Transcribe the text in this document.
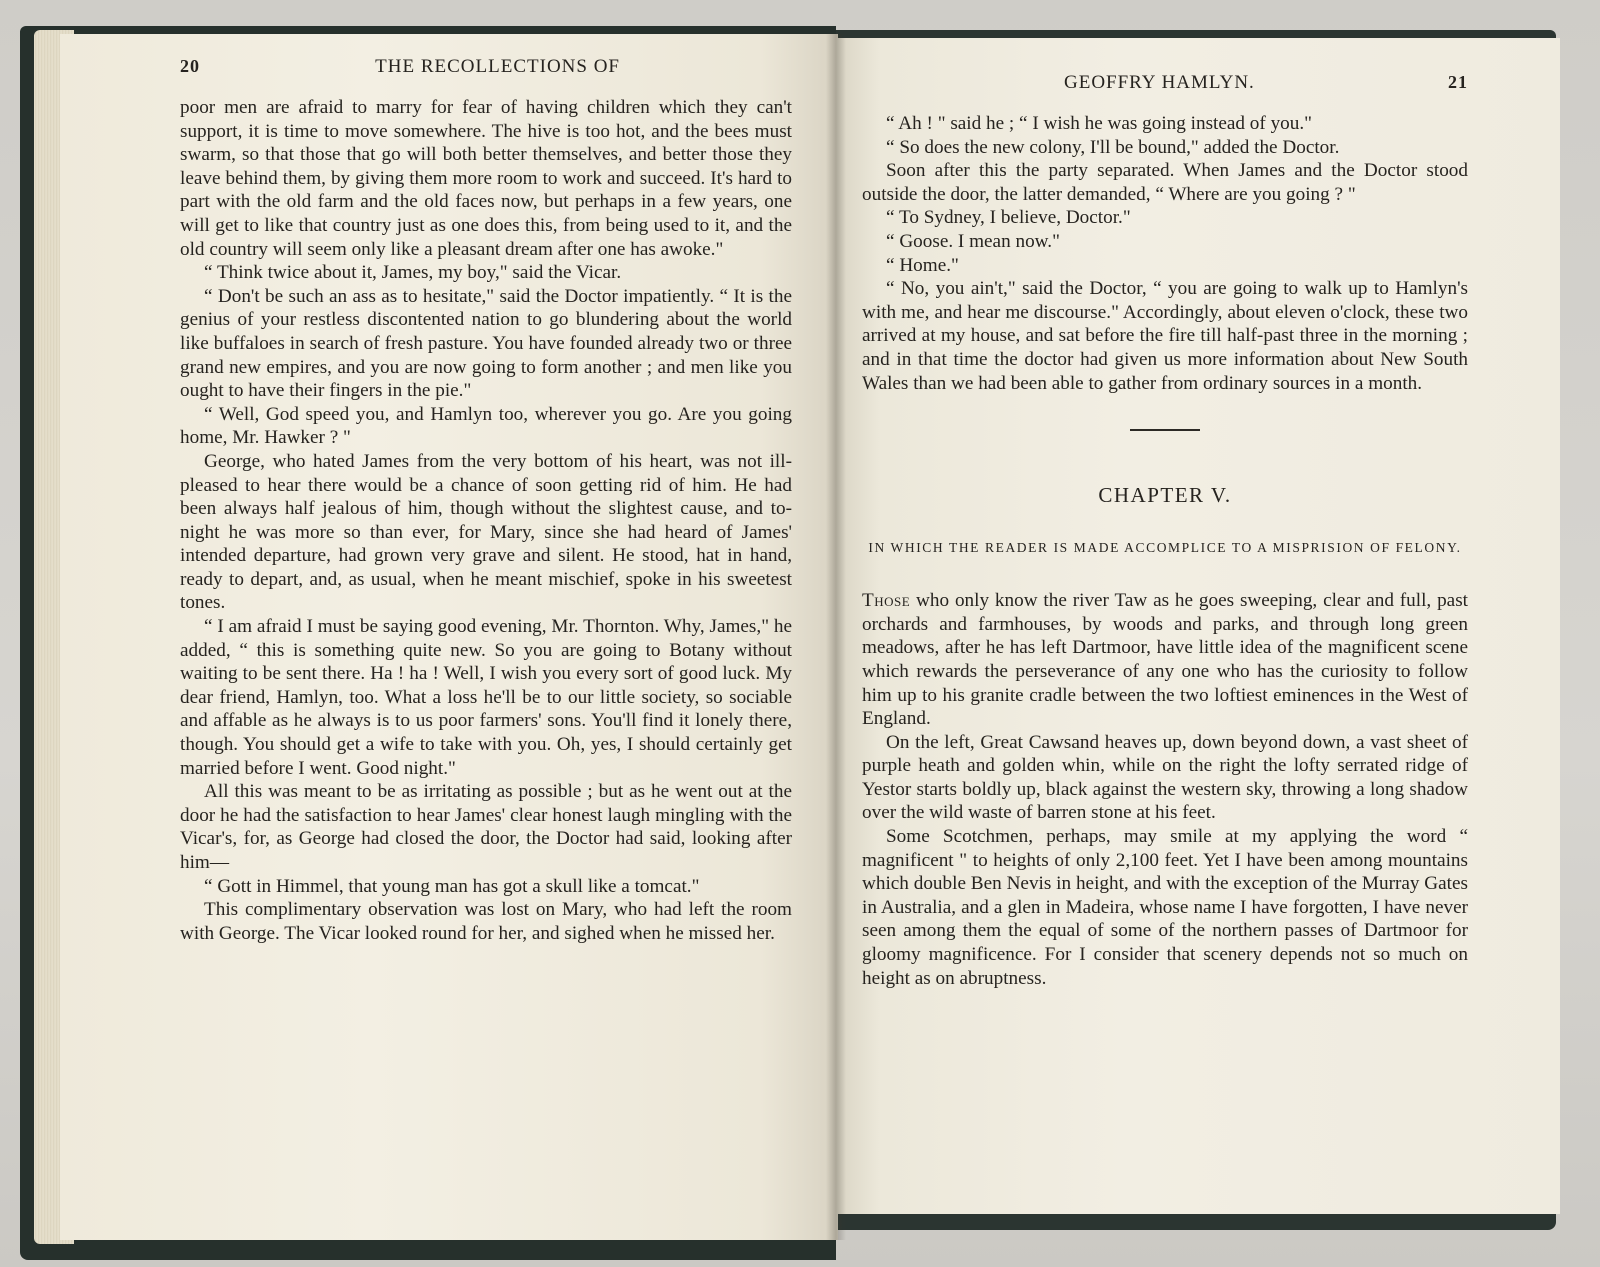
20	THE RECOLLECTIONS OF

poor men are afraid to marry for fear of having children which they can't support, it is time to move somewhere. The hive is too hot, and the bees must swarm, so that those that go will both better themselves, and better those they leave behind them, by giving them more room to work and succeed. It's hard to part with the old farm and the old faces now, but perhaps in a few years, one will get to like that country just as one does this, from being used to it, and the old country will seem only like a pleasant dream after one has awoke."

“ Think twice about it, James, my boy," said the Vicar.

“ Don't be such an ass as to hesitate," said the Doctor impatiently. “ It is the genius of your restless discontented nation to go blundering about the world like buffaloes in search of fresh pasture. You have founded already two or three grand new empires, and you are now going to form another ; and men like you ought to have their fingers in the pie."

“ Well, God speed you, and Hamlyn too, wherever you go. Are you going home, Mr. Hawker ? "

George, who hated James from the very bottom of his heart, was not ill-pleased to hear there would be a chance of soon getting rid of him. He had been always half jealous of him, though without the slightest cause, and to-night he was more so than ever, for Mary, since she had heard of James' intended departure, had grown very grave and silent. He stood, hat in hand, ready to depart, and, as usual, when he meant mischief, spoke in his sweetest tones.

“ I am afraid I must be saying good evening, Mr. Thornton. Why, James," he added, “ this is something quite new. So you are going to Botany without waiting to be sent there. Ha ! ha ! Well, I wish you every sort of good luck. My dear friend, Hamlyn, too. What a loss he'll be to our little society, so sociable and affable as he always is to us poor farmers' sons. You'll find it lonely there, though. You should get a wife to take with you. Oh, yes, I should certainly get married before I went. Good night."

All this was meant to be as irritating as possible ; but as he went out at the door he had the satisfaction to hear James' clear honest laugh mingling with the Vicar's, for, as George had closed the door, the Doctor had said, looking after him—

“ Gott in Himmel, that young man has got a skull like a tomcat."

This complimentary observation was lost on Mary, who had left the room with George. The Vicar looked round for her, and sighed when he missed her.

GEOFFRY HAMLYN.	21

“ Ah ! " said he ; “ I wish he was going instead of you."

“ So does the new colony, I'll be bound," added the Doctor.

Soon after this the party separated. When James and the Doctor stood outside the door, the latter demanded, “ Where are you going ? "

“ To Sydney, I believe, Doctor."

“ Goose. I mean now."

“ Home."

“ No, you ain't," said the Doctor, “ you are going to walk up to Hamlyn's with me, and hear me discourse." Accordingly, about eleven o'clock, these two arrived at my house, and sat before the fire till half-past three in the morning ; and in that time the doctor had given us more information about New South Wales than we had been able to gather from ordinary sources in a month.

CHAPTER V.
IN WHICH THE READER IS MADE ACCOMPLICE TO A MISPRISION OF FELONY.

Those who only know the river Taw as he goes sweeping, clear and full, past orchards and farmhouses, by woods and parks, and through long green meadows, after he has left Dartmoor, have little idea of the magnificent scene which rewards the perseverance of any one who has the curiosity to follow him up to his granite cradle between the two loftiest eminences in the West of England.

On the left, Great Cawsand heaves up, down beyond down, a vast sheet of purple heath and golden whin, while on the right the lofty serrated ridge of Yestor starts boldly up, black against the western sky, throwing a long shadow over the wild waste of barren stone at his feet.

Some Scotchmen, perhaps, may smile at my applying the word “ magnificent " to heights of only 2,100 feet. Yet I have been among mountains which double Ben Nevis in height, and with the exception of the Murray Gates in Australia, and a glen in Madeira, whose name I have forgotten, I have never seen among them the equal of some of the northern passes of Dartmoor for gloomy magnificence. For I consider that scenery depends not so much on height as on abruptness.
